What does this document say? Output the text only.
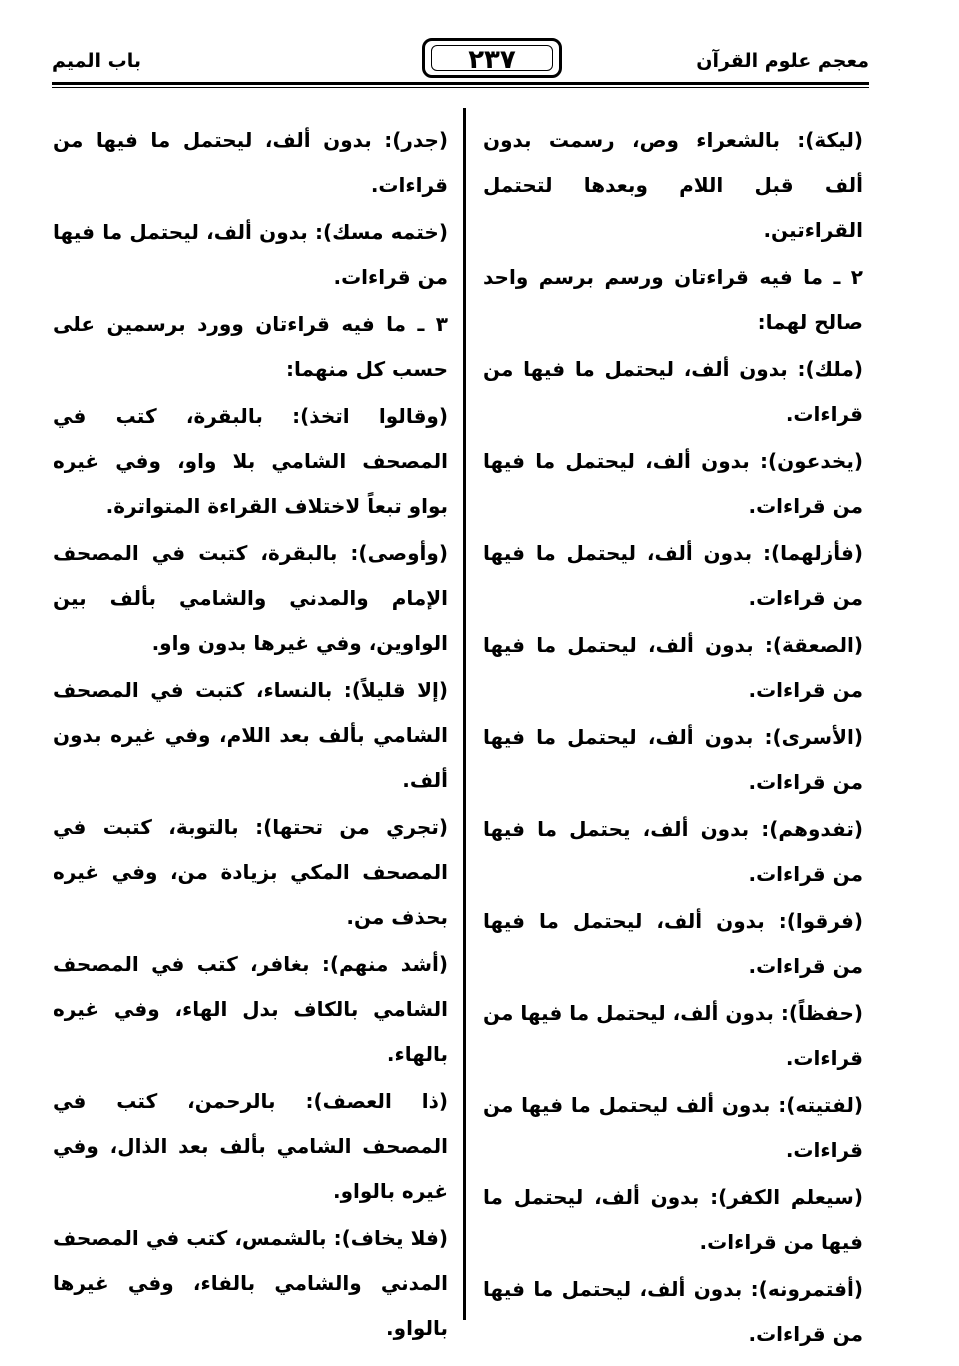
معجم علوم القرآن
٢٣٧
باب الميم

(ليكة): بالشعراء وص، رسمت بدون ألف قبل اللام وبعدها لتحتمل القراءتين.

٢ ـ ما فيه قراءتان ورسم برسم واحد صالح لهما:

(ملك): بدون ألف، ليحتمل ما فيها من قراءات.

(يخدعون): بدون ألف، ليحتمل ما فيها من قراءات.

(فأزلهما): بدون ألف، ليحتمل ما فيها من قراءات.

(الصعقة): بدون ألف، ليحتمل ما فيها من قراءات.

(الأسرى): بدون ألف، ليحتمل ما فيها من قراءات.

(تفدوهم): بدون ألف، يحتمل ما فيها من قراءات.

(فرقوا): بدون ألف، ليحتمل ما فيها من قراءات.

(حفظاً): بدون ألف، ليحتمل ما فيها من قراءات.

(لفتيته): بدون ألف ليحتمل ما فيها من قراءات.

(سيعلم الكفر): بدون ألف، ليحتمل ما فيها من قراءات.

(أفتمرونه): بدون ألف، ليحتمل ما فيها من قراءات.

(جدر): بدون ألف، ليحتمل ما فيها من قراءات.

(ختمه مسك): بدون ألف، ليحتمل ما فيها من قراءات.

٣ ـ ما فيه قراءتان وورد برسمين على حسب كل منهما:

(وقالوا اتخذ): بالبقرة، كتب في المصحف الشامي بلا واو، وفي غيره بواو تبعاً لاختلاف القراءة المتواترة.

(وأوصى): بالبقرة، كتبت في المصحف الإمام والمدني والشامي بألف بين الواوين، وفي غيرها بدون واو.

(إلا قليلاً): بالنساء، كتبت في المصحف الشامي بألف بعد اللام، وفي غيره بدون ألف.

(تجري من تحتها): بالتوبة، كتبت في المصحف المكي بزيادة من، وفي غيره بحذف من.

(أشد منهم): بغافر، كتب في المصحف الشامي بالكاف بدل الهاء، وفي غيره بالهاء.

(ذا العصف): بالرحمن، كتب في المصحف الشامي بألف بعد الذال، وفي غيره بالواو.

(فلا يخاف): بالشمس، كتب في المصحف المدني والشامي بالفاء، وفي غيرها بالواو.
